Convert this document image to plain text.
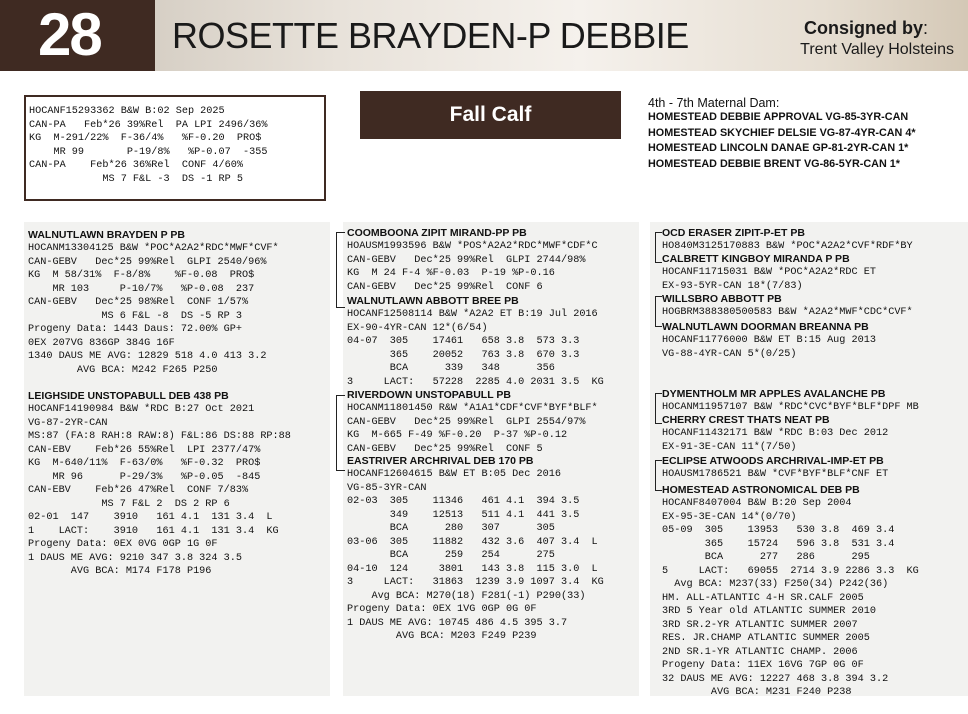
28 ROSETTE BRAYDEN-P DEBBIE	Consigned by:
Trent Valley Holsteins
HOCANF15293362 B&W B:02 Sep 2025
CAN-PA   Feb*26 39%Rel  PA LPI 2496/36%
KG  M-291/22%  F-36/4%   %F-0.20  PRO$
MR 99       P-19/8%   %P-0.07  -355
CAN-PA    Feb*26 36%Rel  CONF 4/60%
MS 7 F&L -3  DS -1 RP 5
Fall Calf	4th - 7th Maternal Dam:
HOMESTEAD DEBBIE APPROVAL VG-85-3YR-CAN
HOMESTEAD SKYCHIEF DELSIE VG-87-4YR-CAN 4*
HOMESTEAD LINCOLN DANAE GP-81-2YR-CAN 1*
HOMESTEAD DEBBIE BRENT VG-86-5YR-CAN 1*
WALNUTLAWN BRAYDEN P PB
HOCANM13304125 B&W *POC*A2A2*RDC*MWF*CVF*
CAN-GEBV   Dec*25 99%Rel  GLPI 2540/96%
KG  M 58/31%  F-8/8%    %F-0.08  PRO$
MR 103     P-10/7%   %P-0.08  237
CAN-GEBV   Dec*25 98%Rel  CONF 1/57%
MS 6 F&L -8  DS -5 RP 3
Progeny Data: 1443 Daus: 72.00% GP+
0EX 207VG 836GP 384G 16F
1340 DAUS ME AVG: 12829 518 4.0 413 3.2
AVG BCA: M242 F265 P250
LEIGHSIDE UNSTOPABULL DEB 438 PB
HOCANF14190984 B&W *RDC B:27 Oct 2021
VG-87-2YR-CAN
MS:87 (FA:8 RAH:8 RAW:8) F&L:86 DS:88 RP:88
CAN-EBV    Feb*26 55%Rel  LPI 2377/47%
KG  M-640/11%  F-63/0%   %F-0.32  PRO$
MR 96      P-29/3%   %P-0.05  -845
CAN-EBV    Feb*26 47%Rel  CONF 7/83%
MS 7 F&L 2  DS 2 RP 6
02-01  147    3910   161 4.1  131 3.4  L
1    LACT:    3910   161 4.1  131 3.4  KG
Progeny Data: 0EX 0VG 0GP 1G 0F
1 DAUS ME AVG: 9210 347 3.8 324 3.5
AVG BCA: M174 F178 P196
COOMBOONA ZIPIT MIRAND-PP PB
HOAUSM1993596 B&W *POS*A2A2*RDC*MWF*CDF*C
CAN-GEBV   Dec*25 99%Rel  GLPI 2744/98%
KG  M 24 F-4 %F-0.03  P-19 %P-0.16
CAN-GEBV   Dec*25 99%Rel  CONF 6
WALNUTLAWN ABBOTT BREE PB
HOCANF12508114 B&W *A2A2 ET B:19 Jul 2016
EX-90-4YR-CAN 12*(6/54)
04-07  305    17461   658 3.8  573 3.3
365    20052   763 3.8  670 3.3
BCA      339   348      356
3     LACT:   57228  2285 4.0 2031 3.5  KG
RIVERDOWN UNSTOPABULL PB
HOCANM11801450 R&W *A1A1*CDF*CVF*BYF*BLF*
CAN-GEBV   Dec*25 99%Rel  GLPI 2554/97%
KG  M-665 F-49 %F-0.20  P-37 %P-0.12
CAN-GEBV   Dec*25 99%Rel  CONF 5
EASTRIVER ARCHRIVAL DEB 170 PB
HOCANF12604615 B&W ET B:05 Dec 2016
VG-85-3YR-CAN
02-03  305    11346   461 4.1  394 3.5
349    12513   511 4.1  441 3.5
BCA      280   307      305
03-06  305    11882   432 3.6  407 3.4  L
BCA      259   254      275
04-10  124     3801   143 3.8  115 3.0  L
3     LACT:   31863  1239 3.9 1097 3.4  KG
Avg BCA: M270(18) F281(-1) P290(33)
Progeny Data: 0EX 1VG 0GP 0G 0F
1 DAUS ME AVG: 10745 486 4.5 395 3.7
AVG BCA: M203 F249 P239
OCD ERASER ZIPIT-P-ET PB
HO840M3125170883 B&W *POC*A2A2*CVF*RDF*BY
CALBRETT KINGBOY MIRANDA P PB
HOCANF11715031 B&W *POC*A2A2*RDC ET
EX-93-5YR-CAN 18*(7/83)
WILLSBRO ABBOTT PB
HOGBRM388380500583 B&W *A2A2*MWF*CDC*CVF*
WALNUTLAWN DOORMAN BREANNA PB
HOCANF11776000 B&W ET B:15 Aug 2013
VG-88-4YR-CAN 5*(0/25)
DYMENTHOLM MR APPLES AVALANCHE PB
HOCANM11957107 B&W *RDC*CVC*BYF*BLF*DPF MB
CHERRY CREST THATS NEAT PB
HOCANF11432171 B&W *RDC B:03 Dec 2012
EX-91-3E-CAN 11*(7/50)
ECLIPSE ATWOODS ARCHRIVAL-IMP-ET PB
HOAUSM1786521 B&W *CVF*BYF*BLF*CNF ET
HOMESTEAD ASTRONOMICAL DEB PB
HOCANF8407004 B&W B:20 Sep 2004
EX-95-3E-CAN 14*(0/70)
05-09  305    13953   530 3.8  469 3.4
365    15724   596 3.8  531 3.4
BCA      277   286      295
5     LACT:   69055  2714 3.9 2286 3.3  KG
Avg BCA: M237(33) F250(34) P242(36)
HM. ALL-ATLANTIC 4-H SR.CALF 2005
3RD 5 Year old ATLANTIC SUMMER 2010
3RD SR.2-YR ATLANTIC SUMMER 2007
RES. JR.CHAMP ATLANTIC SUMMER 2005
2ND SR.1-YR ATLANTIC CHAMP. 2006
Progeny Data: 11EX 16VG 7GP 0G 0F
32 DAUS ME AVG: 12227 468 3.8 394 3.2
AVG BCA: M231 F240 P238
